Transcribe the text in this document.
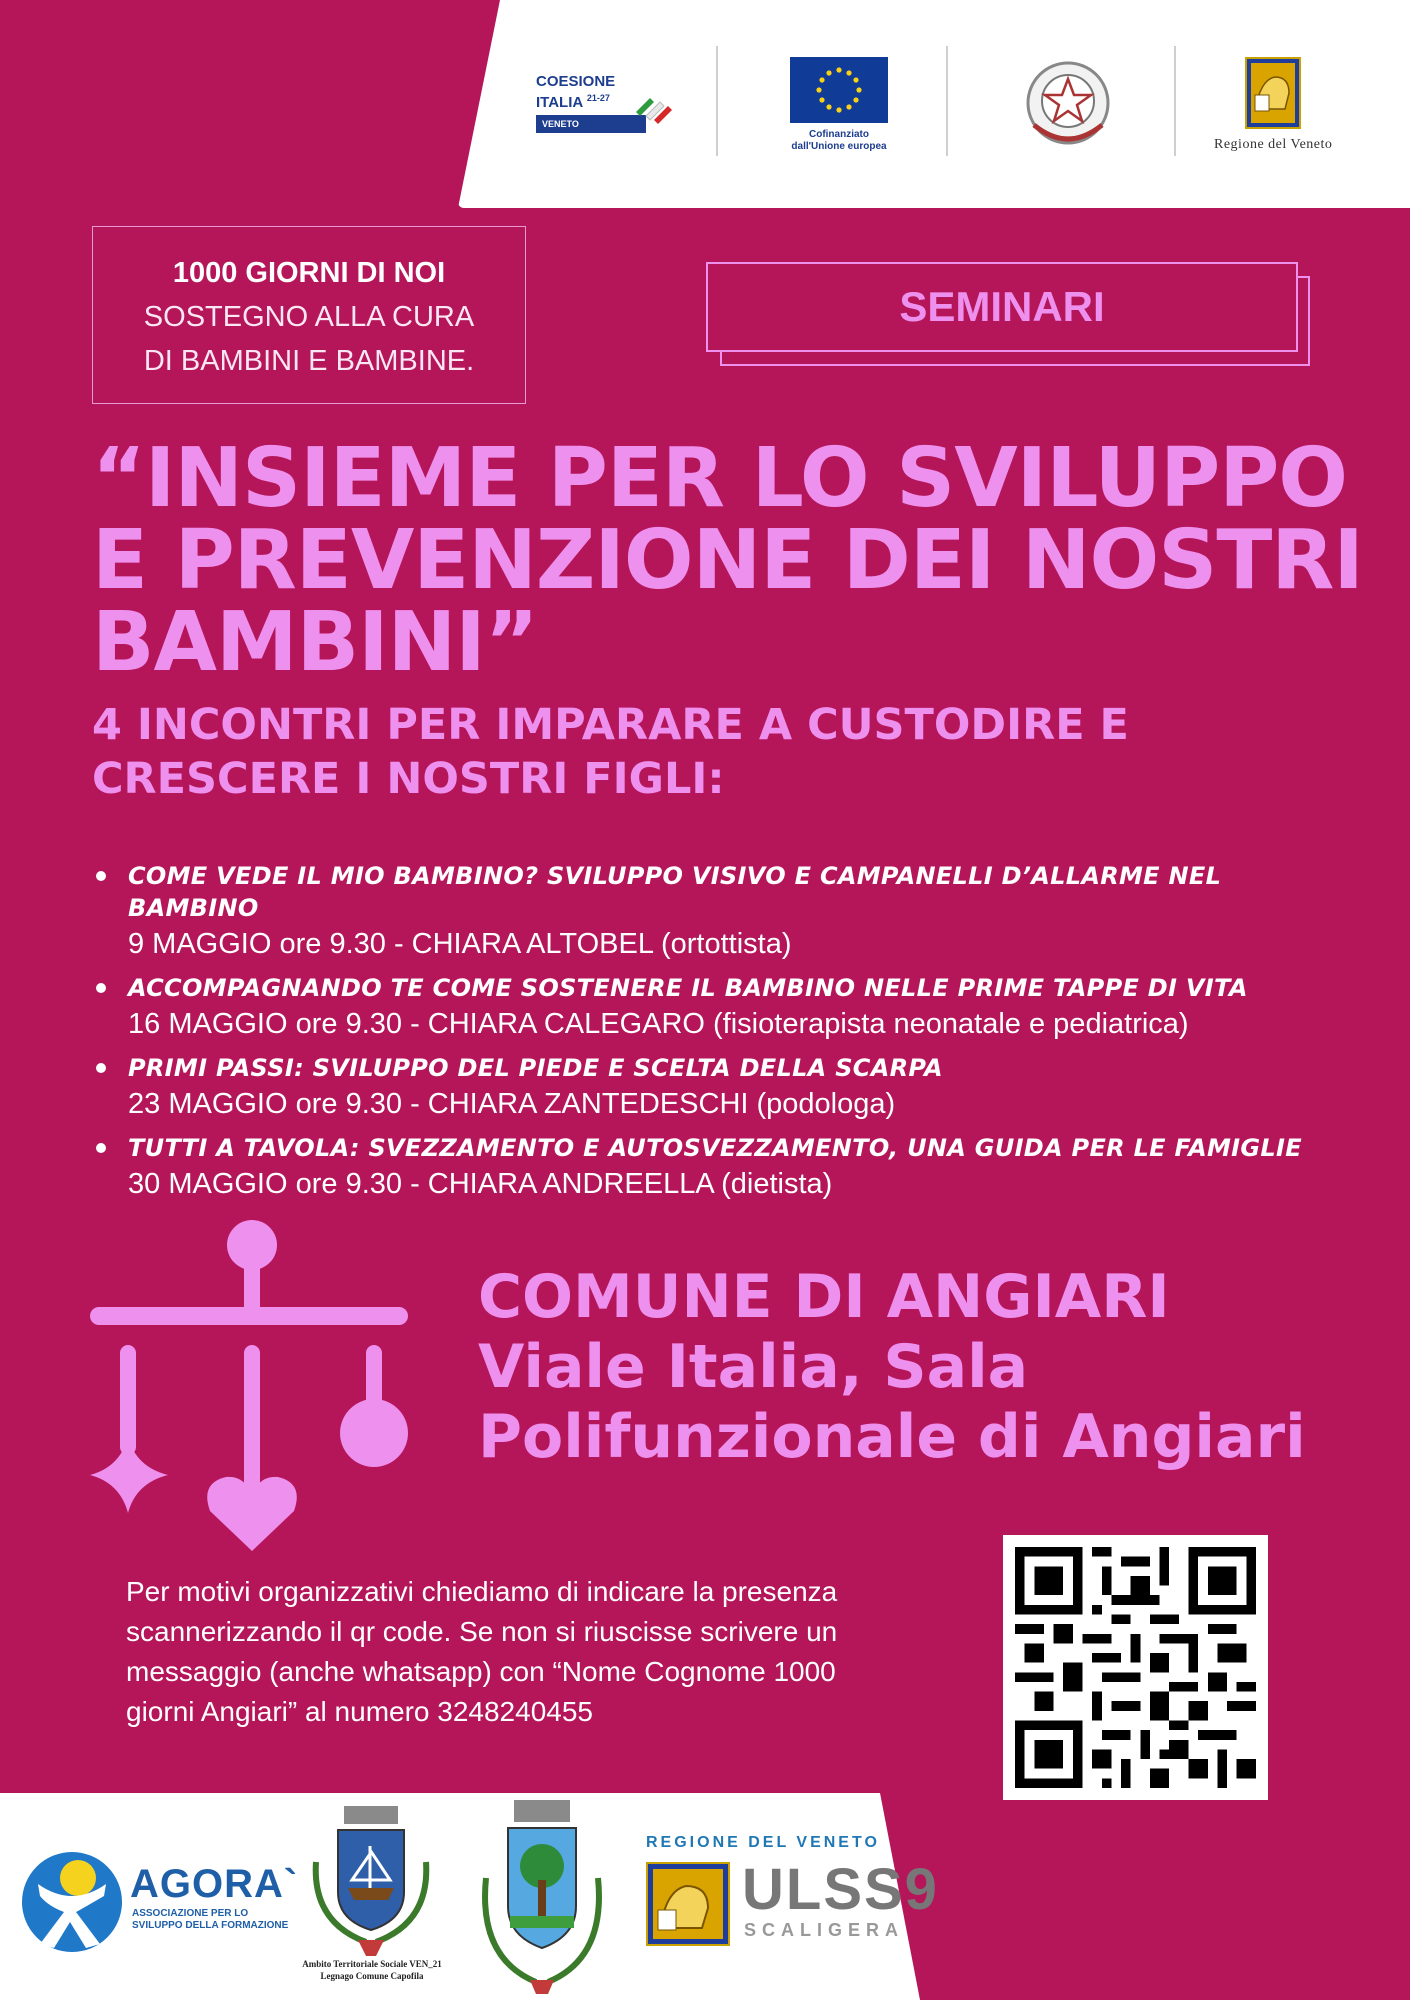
COESIONE
ITALIA $^{21-27}$
VENETO
Cofinanziato
dall'Unione europea	Regione del Veneto
1000 GIORNI DI NOI
SOSTEGNO ALLA CURA
DI BAMBINI E BAMBINE.
SEMINARI
“INSIEME PER LO SVILUPPO
E PREVENZIONE DEI NOSTRI
BAMBINI”
4 INCONTRI PER IMPARARE A CUSTODIRE E
CRESCERE I NOSTRI FIGLI:
COME VEDE IL MIO BAMBINO? SVILUPPO VISIVO E CAMPANELLI D’ALLARME NEL BAMBINO
9 MAGGIO ore 9.30 - CHIARA ALTOBEL (ortottista)
ACCOMPAGNANDO TE COME SOSTENERE IL BAMBINO NELLE PRIME TAPPE DI VITA
16 MAGGIO ore 9.30 - CHIARA CALEGARO (fisioterapista neonatale e pediatrica)
PRIMI PASSI: SVILUPPO DEL PIEDE E SCELTA DELLA SCARPA
23 MAGGIO ore 9.30 - CHIARA ZANTEDESCHI (podologa)
TUTTI A TAVOLA: SVEZZAMENTO E AUTOSVEZZAMENTO, UNA GUIDA PER LE FAMIGLIE
30 MAGGIO ore 9.30 - CHIARA ANDREELLA (dietista)
COMUNE DI ANGIARI
Viale Italia, Sala
Polifunzionale di Angiari
Per motivi organizzativi chiediamo di indicare la presenza
scannerizzando il qr code. Se non si riuscisse scrivere un
messaggio (anche whatsapp) con “Nome Cognome 1000
giorni Angiari” al numero 3248240455
AGORA`
ASSOCIAZIONE PER LO
SVILUPPO DELLA FORMAZIONE
Ambito Territoriale Sociale VEN_21
Legnago Comune Capofila
REGIONE DEL VENETO
ULSS9
SCALIGERA
